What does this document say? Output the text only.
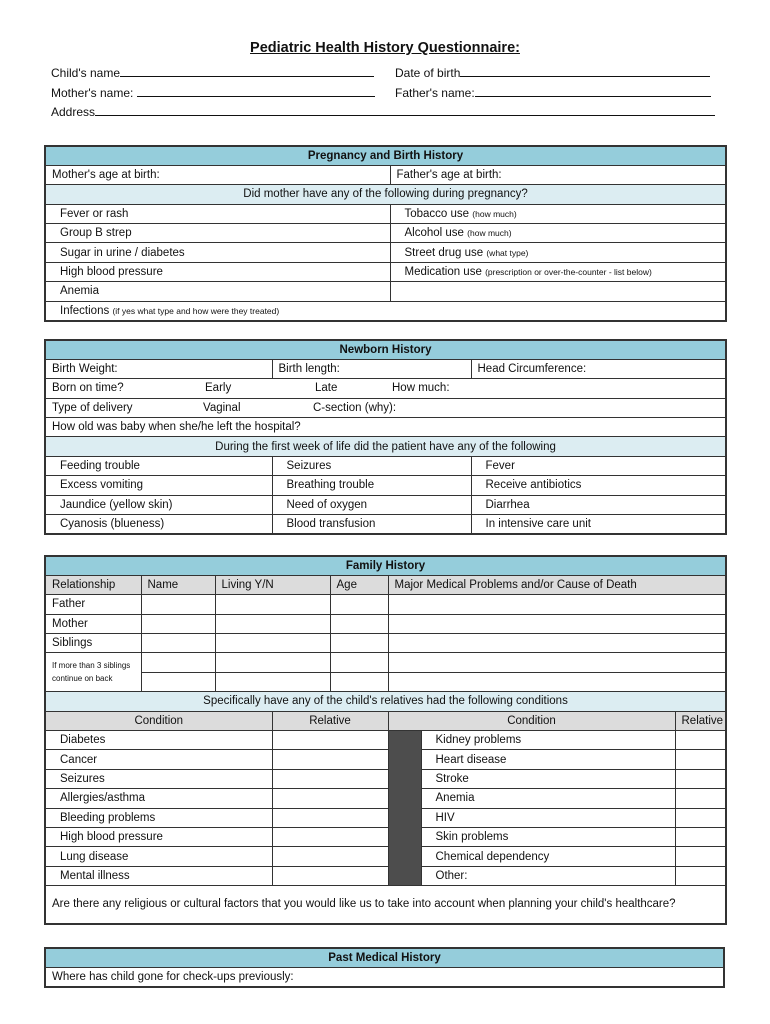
Pediatric Health History Questionnaire:
Child's name	Date of birth
Mother's name:	Father's name:
Address
Pregnancy and Birth History	
Mother's age at birth:	Father's age at birth:
Did mother have any of the following during pregnancy?	
Fever or rash	Tobacco use (how much)
Group B strep	Alcohol use (how much)
Sugar in urine / diabetes	Street drug use (what type)
High blood pressure	Medication use (prescription or over-the-counter - list below)
Anemia	
Infections (if yes what type and how were they treated)	
Newborn History		
Birth Weight:	Birth length:	Head Circumference:
Born on time? Early Late How much:		

Type of delivery Vaginal C-section (why):		

How old was baby when she/he left the hospital?		
During the first week of life did the patient have any of the following		
Feeding trouble	Seizures	Fever
Excess vomiting	Breathing trouble	Receive antibiotics
Jaundice (yellow skin)	Need of oxygen	Diarrhea
Cyanosis (blueness)	Blood transfusion	In intensive care unit
Family History							
Relationship	Name	Living Y/N		Age	Major Medical Problems and/or Cause of Death		
Father							
Mother							
Siblings							
If more than 3 siblings continue on back							

Specifically have any of the child's relatives had the following conditions							
Condition			Relative		Condition		Relative
Diabetes						Kidney problems	
Cancer						Heart disease	
Seizures						Stroke	
Allergies/asthma						Anemia	
Bleeding problems						HIV	
High blood pressure						Skin problems	
Lung disease						Chemical dependency	
Mental illness						Other:	
Are there any religious or cultural factors that you would like us to take into account when planning your child's healthcare?							
Past Medical History
Where has child gone for check-ups previously:
